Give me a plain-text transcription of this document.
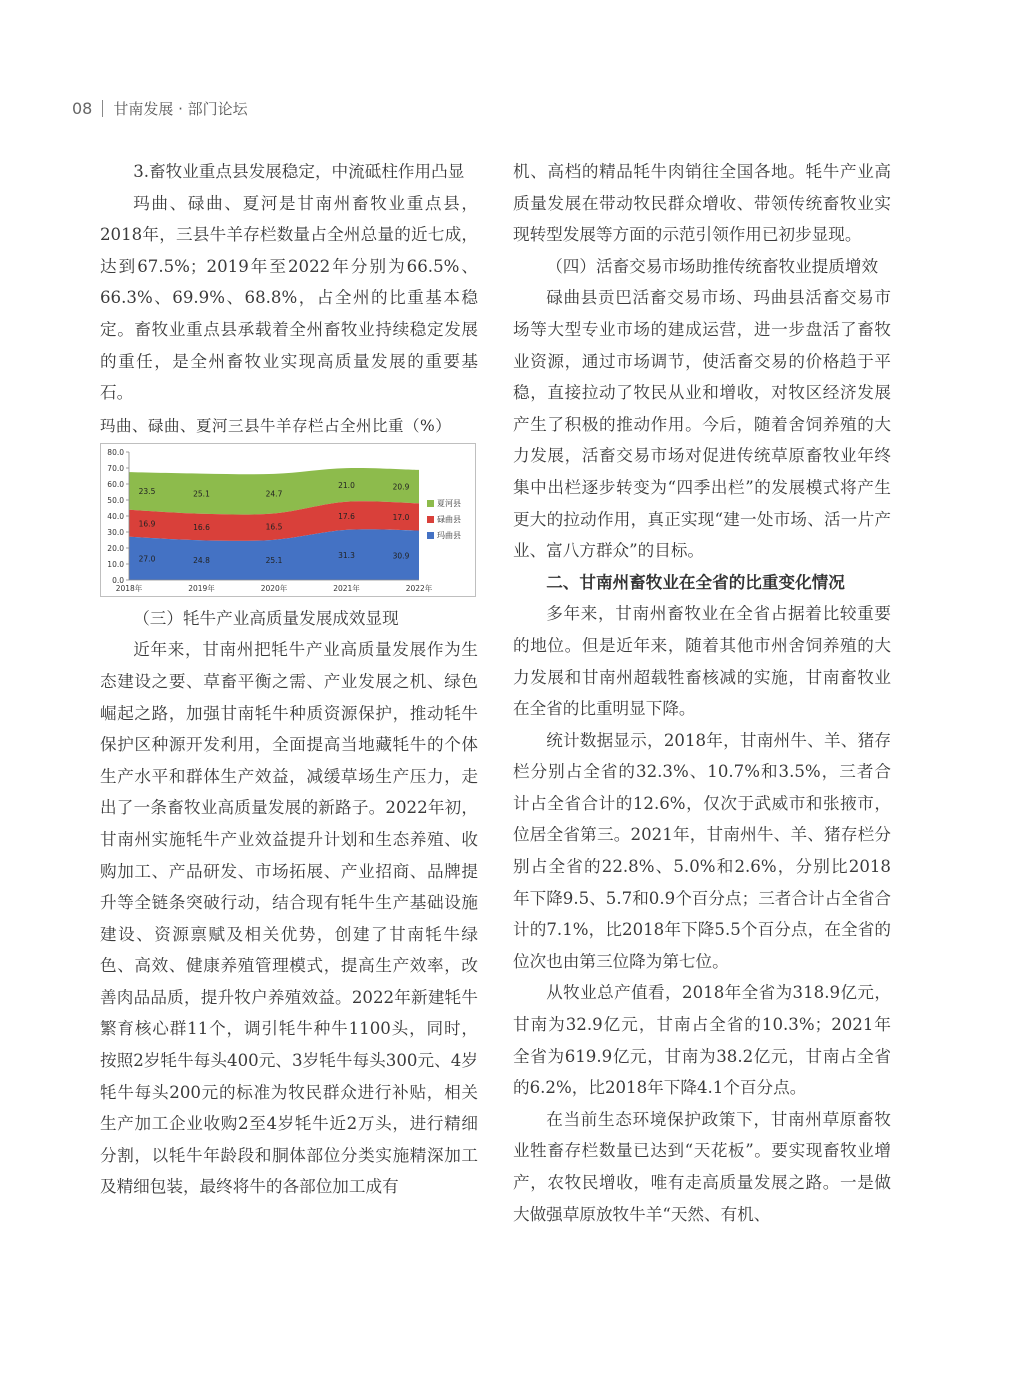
08 甘南发展 · 部门论坛

3.畜牧业重点县发展稳定，中流砥柱作用凸显

玛曲、碌曲、夏河是甘南州畜牧业重点县，2018年，三县牛羊存栏数量占全州总量的近七成，达到67.5%；2019年至2022年分别为66.5%、66.3%、69.9%、68.8%，占全州的比重基本稳定。畜牧业重点县承载着全州畜牧业持续稳定发展的重任，是全州畜牧业实现高质量发展的重要基石。

玛曲、碌曲、夏河三县牛羊存栏占全州比重（%）
0.0
10.0
20.0
30.0
40.0
50.0
60.0
70.0
80.0
2018年	2019年	2020年	2021年	2022年
27.0	24.8	25.1
31.3	30.9
16.9	16.6	16.5
17.6	17.0
23.5	25.1	24.7
21.0	20.9
夏河县
碌曲县
玛曲县

（三）牦牛产业高质量发展成效显现

近年来，甘南州把牦牛产业高质量发展作为生态建设之要、草畜平衡之需、产业发展之机、绿色崛起之路，加强甘南牦牛种质资源保护，推动牦牛保护区种源开发利用，全面提高当地藏牦牛的个体生产水平和群体生产效益，减缓草场生产压力，走出了一条畜牧业高质量发展的新路子。2022年初，甘南州实施牦牛产业效益提升计划和生态养殖、收购加工、产品研发、市场拓展、产业招商、品牌提升等全链条突破行动，结合现有牦牛生产基础设施建设、资源禀赋及相关优势，创建了甘南牦牛绿色、高效、健康养殖管理模式，提高生产效率，改善肉品品质，提升牧户养殖效益。2022年新建牦牛繁育核心群11个，调引牦牛种牛1100头，同时，按照2岁牦牛每头400元、3岁牦牛每头300元、4岁牦牛每头200元的标准为牧民群众进行补贴，相关生产加工企业收购2至4岁牦牛近2万头，进行精细分割，以牦牛年龄段和胴体部位分类实施精深加工及精细包装，最终将牛的各部位加工成有

机、高档的精品牦牛肉销往全国各地。牦牛产业高质量发展在带动牧民群众增收、带领传统畜牧业实现转型发展等方面的示范引领作用已初步显现。

（四）活畜交易市场助推传统畜牧业提质增效

碌曲县贡巴活畜交易市场、玛曲县活畜交易市场等大型专业市场的建成运营，进一步盘活了畜牧业资源，通过市场调节，使活畜交易的价格趋于平稳，直接拉动了牧民从业和增收，对牧区经济发展产生了积极的推动作用。今后，随着舍饲养殖的大力发展，活畜交易市场对促进传统草原畜牧业年终集中出栏逐步转变为“四季出栏”的发展模式将产生更大的拉动作用，真正实现“建一处市场、活一片产业、富八方群众”的目标。

二、甘南州畜牧业在全省的比重变化情况

多年来，甘南州畜牧业在全省占据着比较重要的地位。但是近年来，随着其他市州舍饲养殖的大力发展和甘南州超载牲畜核减的实施，甘南畜牧业在全省的比重明显下降。

统计数据显示，2018年，甘南州牛、羊、猪存栏分别占全省的32.3%、10.7%和3.5%，三者合计占全省合计的12.6%，仅次于武威市和张掖市，位居全省第三。2021年，甘南州牛、羊、猪存栏分别占全省的22.8%、5.0%和2.6%，分别比2018年下降9.5、5.7和0.9个百分点；三者合计占全省合计的7.1%，比2018年下降5.5个百分点，在全省的位次也由第三位降为第七位。

从牧业总产值看，2018年全省为318.9亿元，甘南为32.9亿元，甘南占全省的10.3%；2021年全省为619.9亿元，甘南为38.2亿元，甘南占全省的6.2%，比2018年下降4.1个百分点。

在当前生态环境保护政策下，甘南州草原畜牧业牲畜存栏数量已达到“天花板”。要实现畜牧业增产，农牧民增收，唯有走高质量发展之路。一是做大做强草原放牧牛羊“天然、有机、
